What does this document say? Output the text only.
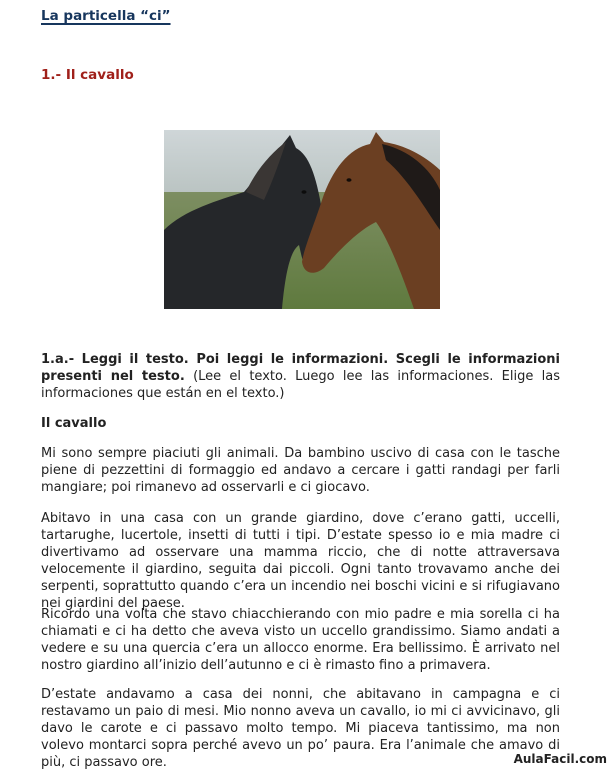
La particella “ci”
1.- Il cavallo

1.a.- Leggi il testo. Poi leggi le informazioni. Scegli le informazioni presenti nel testo. (Lee el texto. Luego lee las informaciones. Elige las informaciones que están en el texto.)

Il cavallo

Mi sono sempre piaciuti gli animali. Da bambino uscivo di casa con le tasche piene di pezzettini di formaggio ed andavo a cercare i gatti randagi per farli mangiare; poi rimanevo ad osservarli e ci giocavo.

Abitavo in una casa con un grande giardino, dove c’erano gatti, uccelli, tartarughe, lucertole, insetti di tutti i tipi. D’estate spesso io e mia madre ci divertivamo ad osservare una mamma riccio, che di notte attraversava velocemente il giardino, seguita dai piccoli. Ogni tanto trovavamo anche dei serpenti, soprattutto quando c’era un incendio nei boschi vicini e si rifugiavano nei giardini del paese.

Ricordo una volta che stavo chiacchierando con mio padre e mia sorella ci ha chiamati e ci ha detto che aveva visto un uccello grandissimo. Siamo andati a vedere e su una quercia c’era un allocco enorme. Era bellissimo. È arrivato nel nostro giardino all’inizio dell’autunno e ci è rimasto fino a primavera.

D’estate andavamo a casa dei nonni, che abitavano in campagna e ci restavamo un paio di mesi. Mio nonno aveva un cavallo, io mi ci avvicinavo, gli davo le carote e ci passavo molto tempo. Mi piaceva tantissimo, ma non volevo montarci sopra perché avevo un po’ paura. Era l’animale che amavo di più, ci passavo ore.	AulaFacil.com
